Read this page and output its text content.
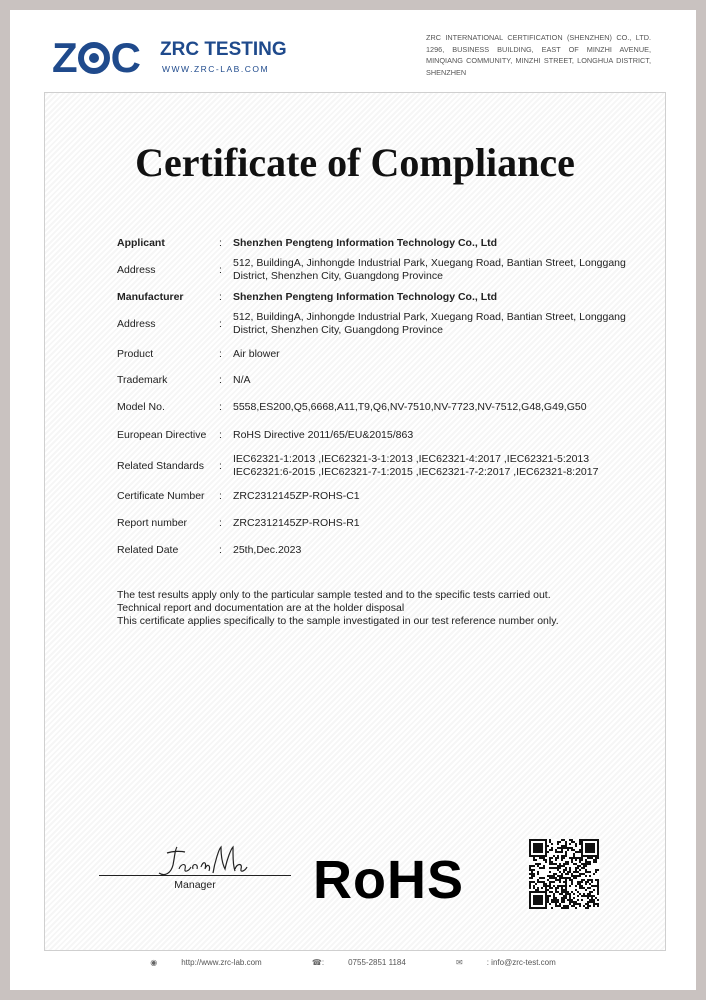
Z C ZRC TESTING
WWW.ZRC-LAB.COM
ZRC INTERNATIONAL CERTIFICATION (SHENZHEN) CO., LTD. 1296, BUSINESS BUILDING, EAST OF MINZHI AVENUE, MINQIANG COMMUNITY, MINZHI STREET, LONGHUA DISTRICT, SHENZHEN
Certificate of Compliance
Applicant	:	Shenzhen Pengteng Information Technology Co., Ltd
Address	:
512, BuildingA, Jinhongde Industrial Park, Xuegang Road, Bantian Street, Longgang District, Shenzhen City, Guangdong Province
Manufacturer	:	Shenzhen Pengteng Information Technology Co., Ltd
Address	:
512, BuildingA, Jinhongde Industrial Park, Xuegang Road, Bantian Street, Longgang District, Shenzhen City, Guangdong Province
Product	:	Air blower
Trademark	:	N/A
Model No.	:	5558,ES200,Q5,6668,A11,T9,Q6,NV-7510,NV-7723,NV-7512,G48,G49,G50
European Directive	:	RoHS Directive 2011/65/EU&2015/863
Related Standards	:
IEC62321-1:2013 ,IEC62321-3-1:2013 ,IEC62321-4:2017 ,IEC62321-5:2013 IEC62321:6-2015 ,IEC62321-7-1:2015 ,IEC62321-7-2:2017 ,IEC62321-8:2017
Certificate Number	:	ZRC2312145ZP-ROHS-C1
Report number	:	ZRC2312145ZP-ROHS-R1
Related Date	:	25th,Dec.2023
The test results apply only to the particular sample tested and to the specific tests carried out.
Technical report and documentation are at the holder disposal
This certificate applies specifically to the sample investigated in our test reference number only.
Manager	RoHS
◉	http://www.zrc-lab.com	☎:	0755-2851 1184	✉	: info@zrc-test.com
